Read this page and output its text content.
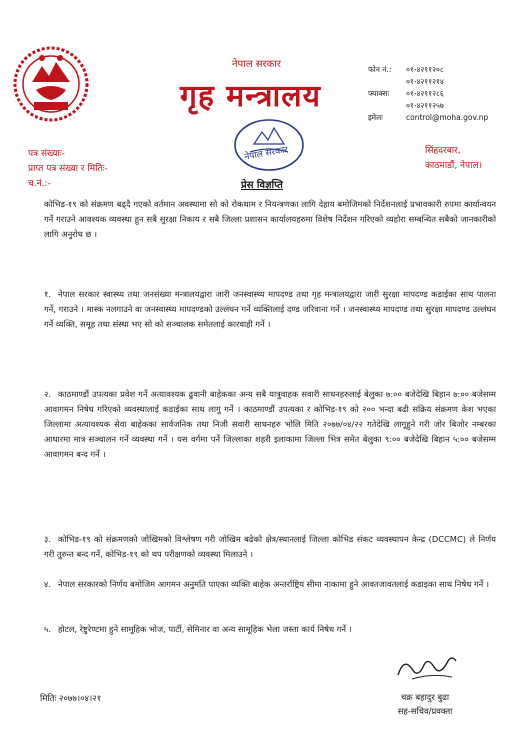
नेपाल सरकार
गृह मन्त्रालय
फोन नं.: ०१-४२११२०८
०१-४२११२१४
फ्याक्सः ०१-४२११२८६
०१-४२११२५७
इमेलः	control@moha.gov.np
सिंहदरबार,
काठमाडौं, नेपाल।
पत्र संख्याः-
प्राप्त पत्र संख्या र मितिः-
च.नं.:-
नेपाल सरकार
प्रेस विज्ञप्ति
कोभिड-१९ को संक्रमण बढ्दै गएको वर्तमान अवस्थामा सो को रोकथाम र नियन्त्रणका लागि देहाय बमोजिमको निर्देशनलाई प्रभावकारी रुपमा कार्यान्वयन गर्ने गराउने आवश्यक व्यवस्था हुन सबै सुरक्षा निकाय र सबै जिल्ला प्रशासन कार्यालयहरुमा विशेष निर्देशन गरिएको व्यहोरा सम्बन्धित सबैको जानकारीको लागि अनुरोध छ ।
१. नेपाल सरकार स्वास्थ्य तथा जनसंख्या मन्त्रालयद्वारा जारी जनस्वास्थ्य मापदण्ड तथा गृह मन्त्रालयद्वारा जारी सुरक्षा मापदण्ड कडाईका साथ पालना गर्ने, गराउने । मास्क नलगाउने वा जनस्वास्थ्य मापदण्डको उल्लंघन गर्ने व्यक्तिलाई दण्ड जरिवाना गर्ने । जनस्वास्थ्य मापदण्ड तथा सुरक्षा मापदण्ड उल्लंघन गर्ने व्यक्ति, समूह तथा संस्था भए सो को सञ्चालक समेतलाई कारवाही गर्ने ।
२. काठमाण्डौं उपत्यका प्रवेश गर्ने अत्यावश्यक ढुवानी बाहेकका अन्य सबै यात्रुवाहक सवारी साधनहरुलाई बेलुका ७:०० बजेदेखि बिहान ७:०० बजेसम्म आवागमन निषेध गरिएको व्यवस्थालाई कडाईका साथ लागु गर्ने । काठमाण्डौं उपत्यका र कोभिड-१९ को २०० भन्दा बढी सक्रिय संक्रमण केश भएका जिल्लामा अत्यावश्यक सेवा बाहेकका सार्वजनिक तथा निजी सवारी साधनहरु भोलि मिति २०७७/०४/२२ गतेदेखि लागूहुने गरी जोर बिजोर नम्बरका आधारमा मात्र सञ्चालन गर्ने व्यवस्था गर्ने । यस वर्गमा पर्ने जिल्लाका शहरी इलाकामा जिल्ला भित्र समेत बेलुका ९:०० बजेदेखि बिहान ५:०० बजेसम्म आवागमन बन्द गर्ने ।
३. कोभिड-१९ को संक्रमणको जोखिमको विश्लेषण गरी जोखिम बढेको क्षेत्र/स्थानलाई जिल्ला कोभिड संकट व्यवस्थापन केन्द्र (DCCMC) ले निर्णय गरी तुरुन्त बन्द गर्ने, कोभिड-१९ को थप परीक्षणको व्यवस्था मिलाउने ।
४. नेपाल सरकारको निर्णय बमोजिम आगमन अनुमति पाएका व्यक्ति बाहेक अन्तर्राष्ट्रिय सीमा नाकामा हुने आवतजावतलाई कडाइका साथ निषेध गर्ने ।
५. होटल, रेष्टुरेण्टमा हुने सामूहिक भोज, पार्टी, सेमिनार वा अन्य सामूहिक भेला जस्ता कार्य निषेध गर्ने ।
मितिः २०७७।०४।२१	चक्र बहादुर बुढा
सह-सचिव/प्रवक्ता
